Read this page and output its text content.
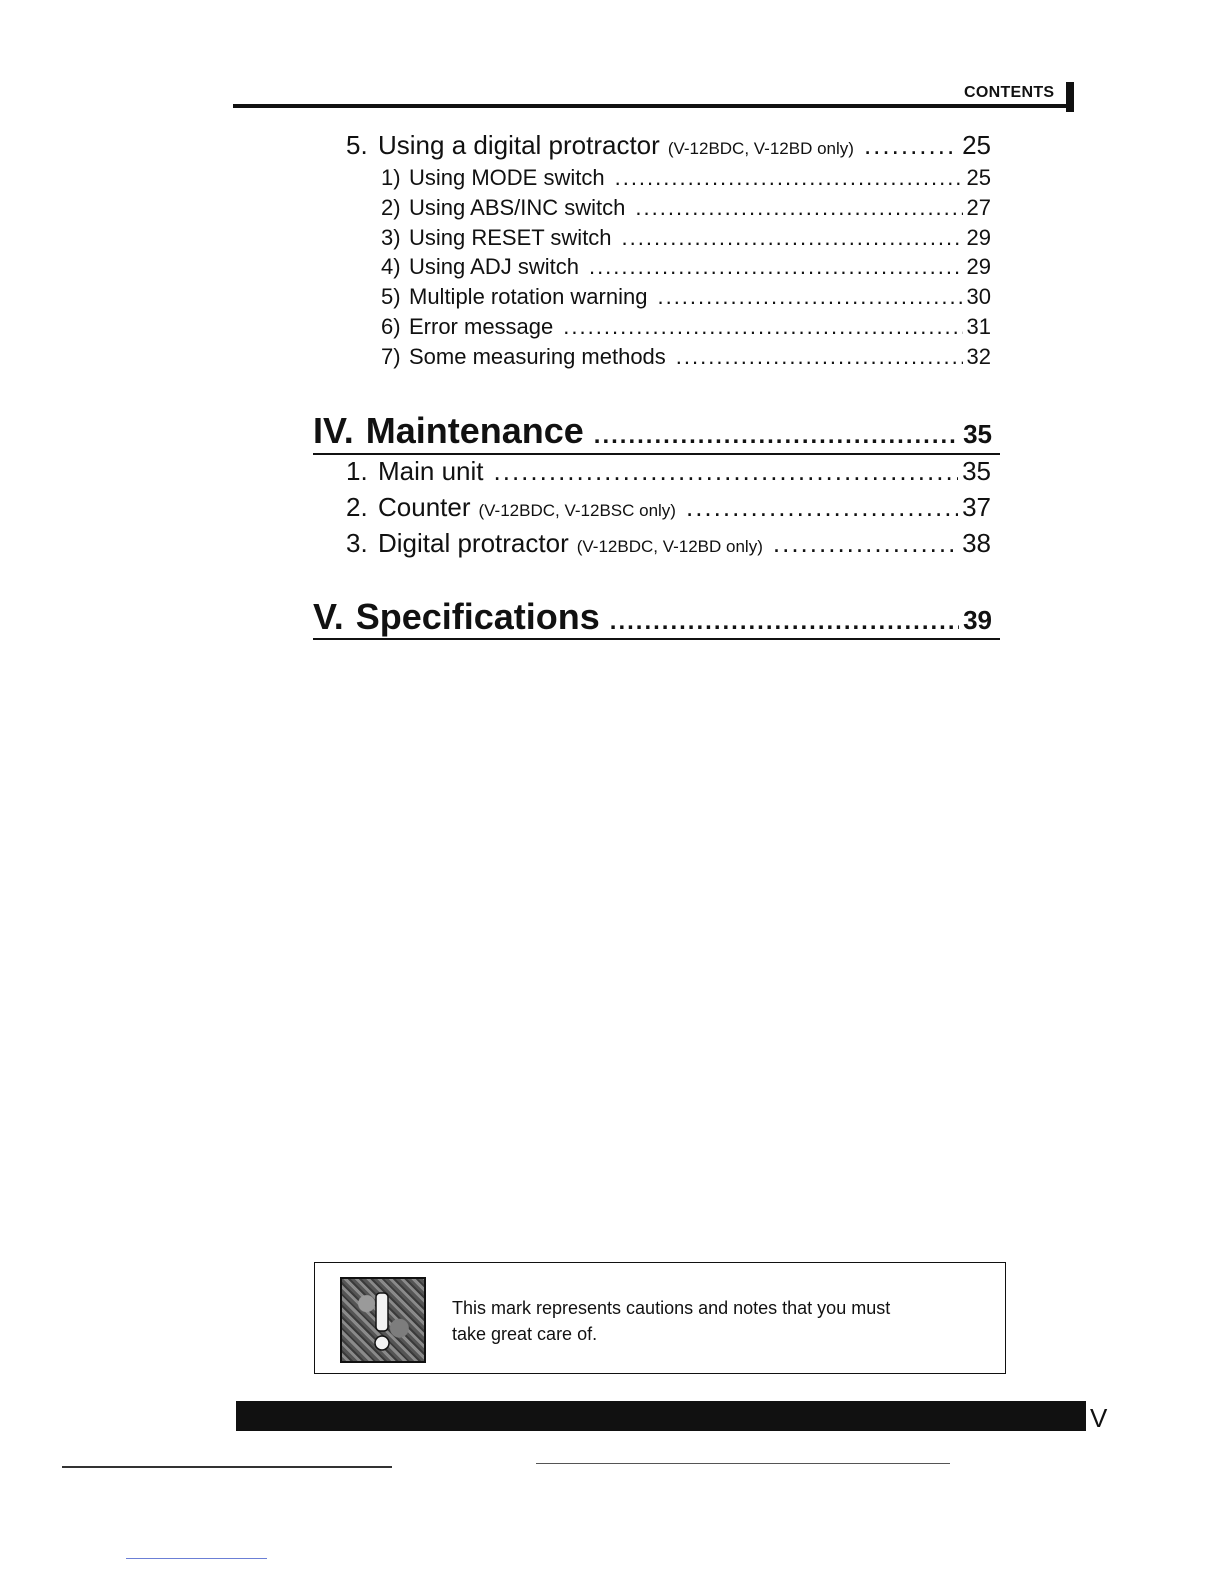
CONTENTS
5. Using a digital protractor (V-12BDC, V-12BD only) .....	25
1) Using MODE switch .....	25
2) Using ABS/INC switch .....	27
3) Using RESET switch .....	29
4) Using ADJ switch .....	29
5) Multiple rotation warning .....	30
6) Error message .....	31
7) Some measuring methods .....	32
IV. Maintenance .....	35
1. Main unit .....	35
2. Counter (V-12BDC, V-12BSC only) .....	37
3. Digital protractor (V-12BDC, V-12BD only) .....	38
V. Specifications .....	39
This mark represents cautions and notes that you must
take great care of.
V
